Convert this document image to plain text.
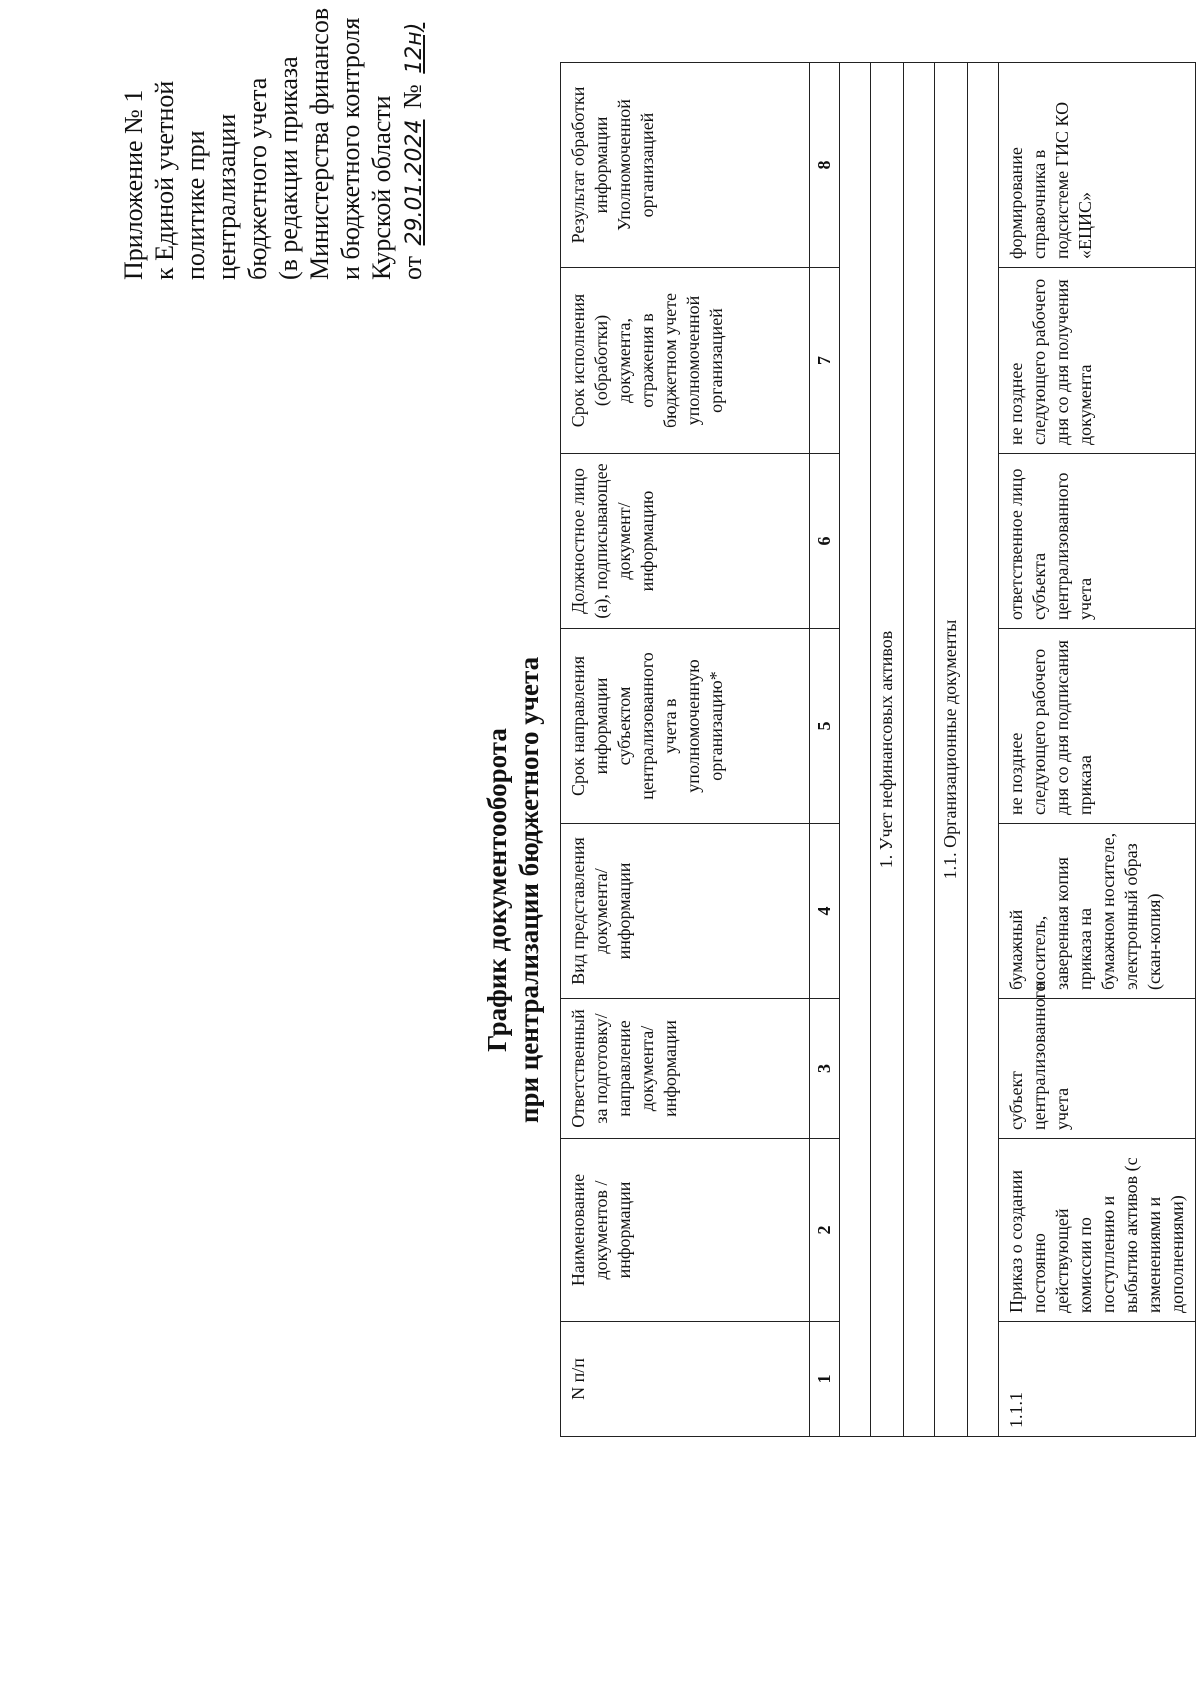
Приложение № 1 к Единой учетной политике при централизации бюджетного учета (в редакции приказа Министерства финансов и бюджетного контроля Курской области от 29.01.2024 № 12н)
График документооборота при централизации бюджетного учета
N п/п	Наименование документов / информации	Ответственный за подготовку/ направление документа/ информации	Вид представления документа/ информации	Срок направления информации субъектом централизованного учета в уполномоченную организацию*	Должностное лицо (а), подписывающее документ/ информацию	Срок исполнения (обработки) документа, отражения в бюджетном учете уполномоченной организацией	Результат обработки информации Уполномоченной организацией
1	2	3	4	5	6	7	8

1. Учет нефинансовых активов							

1.1. Организационные документы							

1.1.1	Приказ о создании постоянно действующей комиссии по поступлению и выбытию активов (с изменениями и дополнениями)	субъект централизованного учета	бумажный носитель, заверенная копия приказа на бумажном носителе, электронный образ (скан-копия)	не позднее следующего рабочего дня со дня подписания приказа	ответственное лицо субъекта централизованного учета	не позднее следующего рабочего дня со дня получения документа	формирование справочника в подсистеме ГИС КО «ЕЦИС»
